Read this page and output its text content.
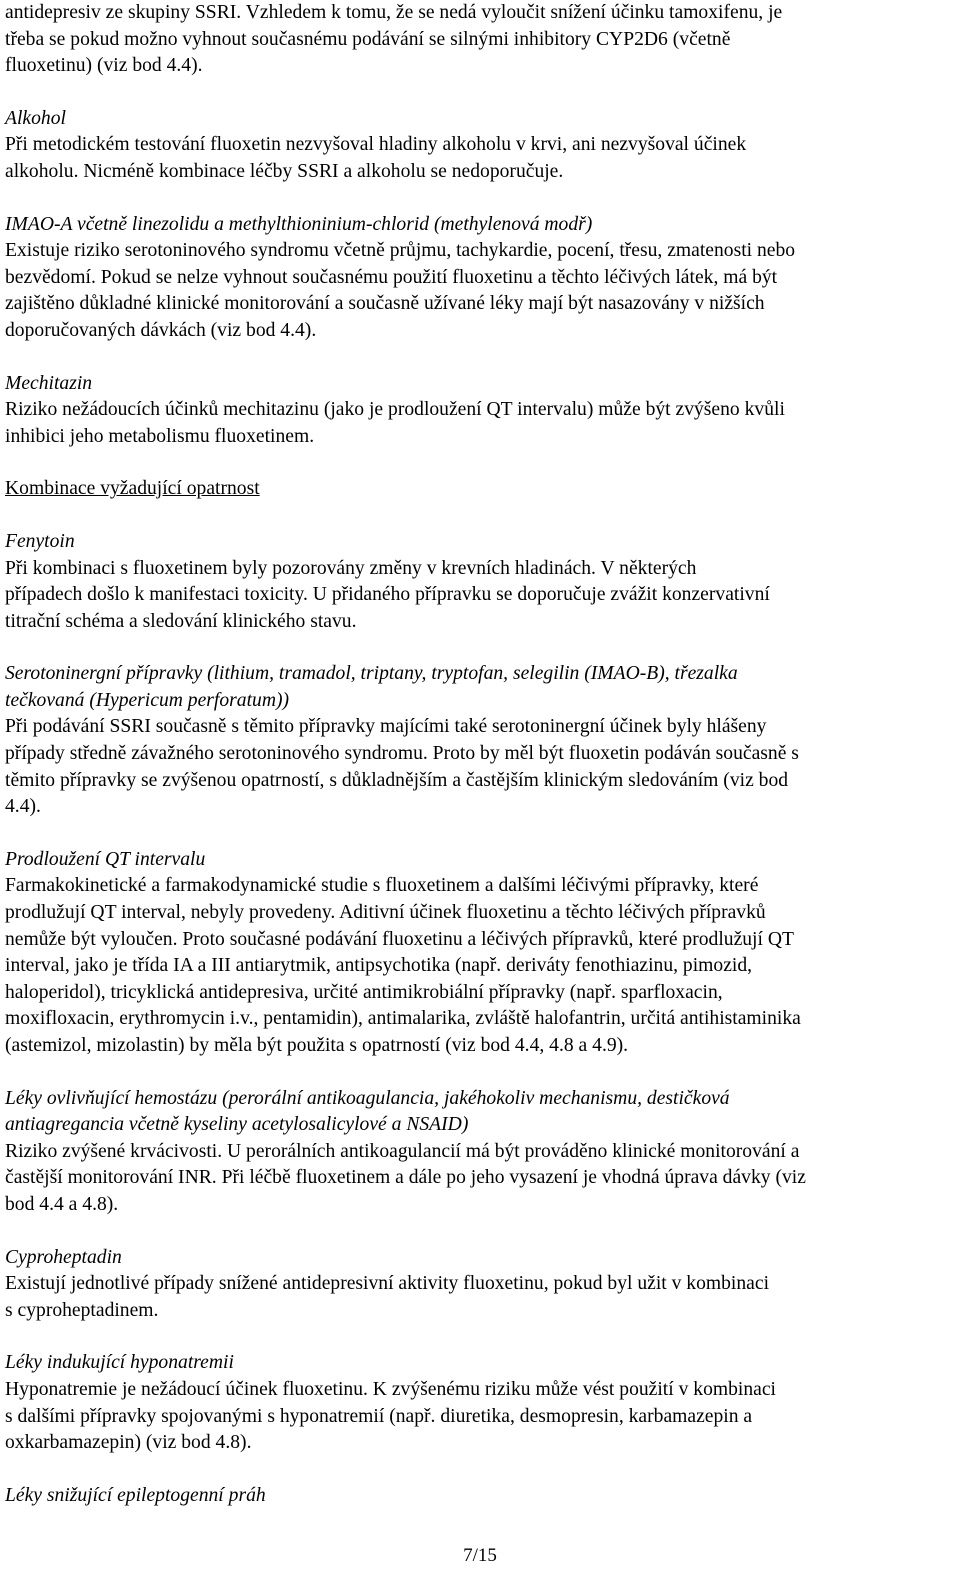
antidepresiv ze skupiny SSRI. Vzhledem k tomu, že se nedá vyloučit snížení účinku tamoxifenu, je

třeba se pokud možno vyhnout současnému podávání se silnými inhibitory CYP2D6 (včetně

fluoxetinu) (viz bod 4.4).

Alkohol

Při metodickém testování fluoxetin nezvyšoval hladiny alkoholu v krvi, ani nezvyšoval účinek

alkoholu. Nicméně kombinace léčby SSRI a alkoholu se nedoporučuje.

IMAO-A včetně linezolidu a methylthioninium-chlorid (methylenová modř)

Existuje riziko serotoninového syndromu včetně průjmu, tachykardie, pocení, třesu, zmatenosti nebo

bezvědomí. Pokud se nelze vyhnout současnému použití fluoxetinu a těchto léčivých látek, má být

zajištěno důkladné klinické monitorování a současně užívané léky mají být nasazovány v nižších

doporučovaných dávkách (viz bod 4.4).

Mechitazin

Riziko nežádoucích účinků mechitazinu (jako je prodloužení QT intervalu) může být zvýšeno kvůli

inhibici jeho metabolismu fluoxetinem.

Kombinace vyžadující opatrnost

Fenytoin

Při kombinaci s fluoxetinem byly pozorovány změny v krevních hladinách. V některých

případech došlo k manifestaci toxicity. U přidaného přípravku se doporučuje zvážit konzervativní

titrační schéma a sledování klinického stavu.

Serotoninergní přípravky (lithium, tramadol, triptany, tryptofan, selegilin (IMAO-B), třezalka

tečkovaná (Hypericum perforatum))

Při podávání SSRI současně s těmito přípravky majícími také serotoninergní účinek byly hlášeny

případy středně závažného serotoninového syndromu. Proto by měl být fluoxetin podáván současně s

těmito přípravky se zvýšenou opatrností, s důkladnějším a častějším klinickým sledováním (viz bod

4.4).

Prodloužení QT intervalu

Farmakokinetické a farmakodynamické studie s fluoxetinem a dalšími léčivými přípravky, které

prodlužují QT interval, nebyly provedeny. Aditivní účinek fluoxetinu a těchto léčivých přípravků

nemůže být vyloučen. Proto současné podávání fluoxetinu a léčivých přípravků, které prodlužují QT

interval, jako je třída IA a III antiarytmik, antipsychotika (např. deriváty fenothiazinu, pimozid,

haloperidol), tricyklická antidepresiva, určité antimikrobiální přípravky (např. sparfloxacin,

moxifloxacin, erythromycin i.v., pentamidin), antimalarika, zvláště halofantrin, určitá antihistaminika

(astemizol, mizolastin) by měla být použita s opatrností (viz bod 4.4, 4.8 a 4.9).

Léky ovlivňující hemostázu (perorální antikoagulancia, jakéhokoliv mechanismu, destičková

antiagregancia včetně kyseliny acetylosalicylové a NSAID)

Riziko zvýšené krvácivosti. U perorálních antikoagulancií má být prováděno klinické monitorování a

častější monitorování INR. Při léčbě fluoxetinem a dále po jeho vysazení je vhodná úprava dávky (viz

bod 4.4 a 4.8).

Cyproheptadin

Existují jednotlivé případy snížené antidepresivní aktivity fluoxetinu, pokud byl užit v kombinaci

s cyproheptadinem.

Léky indukující hyponatremii

Hyponatremie je nežádoucí účinek fluoxetinu. K zvýšenému riziku může vést použití v kombinaci

s dalšími přípravky spojovanými s hyponatremií (např. diuretika, desmopresin, karbamazepin a

oxkarbamazepin) (viz bod 4.8).

Léky snižující epileptogenní práh

7/15
